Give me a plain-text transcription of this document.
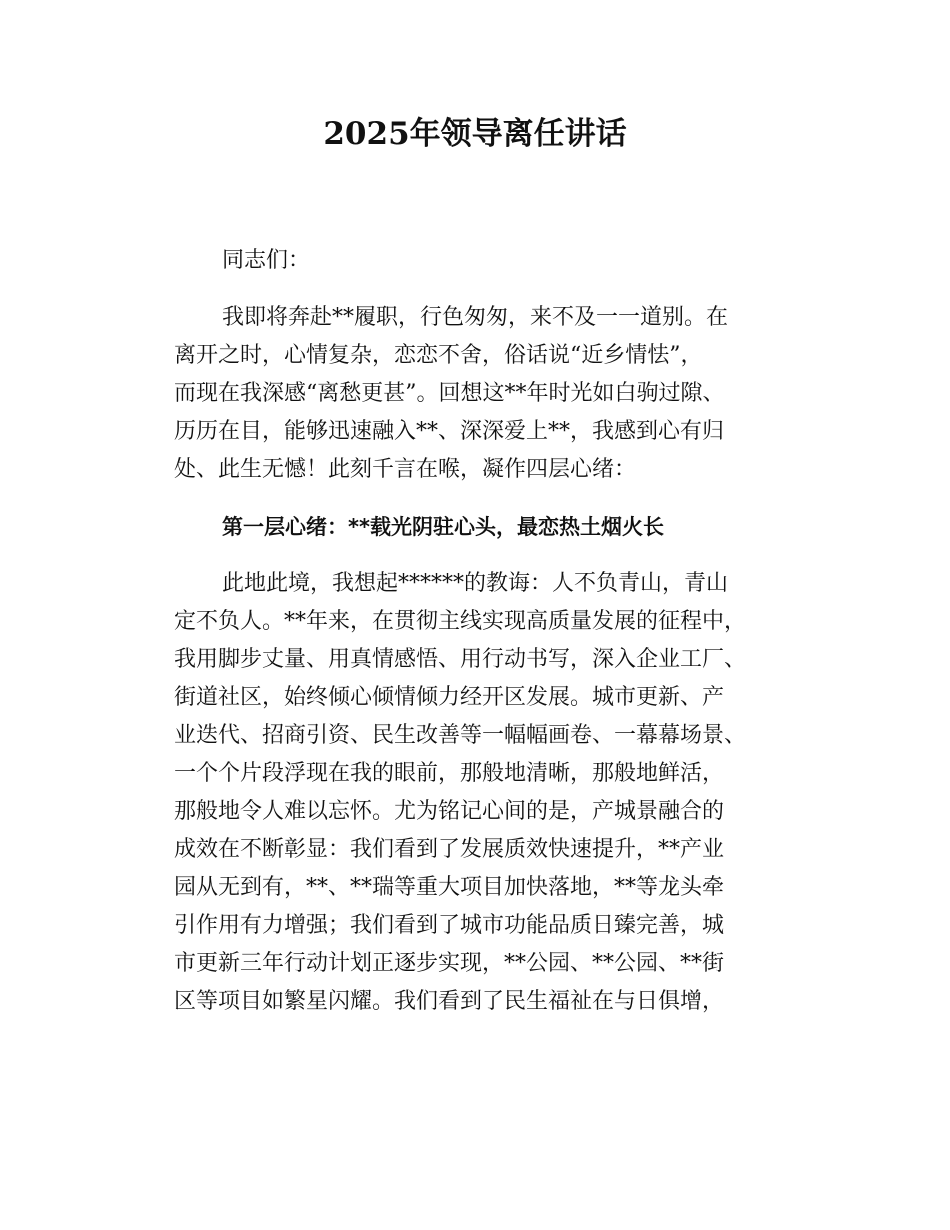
2025年领导离任讲话

同志们：

我即将奔赴**履职，行色匆匆，来不及一一道别。在

离开之时，心情复杂，恋恋不舍，俗话说“近乡情怯”，

而现在我深感“离愁更甚”。回想这**年时光如白驹过隙、

历历在目，能够迅速融入**、深深爱上**，我感到心有归

处、此生无憾！此刻千言在喉，凝作四层心绪：

第一层心绪：**载光阴驻心头，最恋热土烟火长

此地此境，我想起******的教诲：人不负青山，青山

定不负人。**年来，在贯彻主线实现高质量发展的征程中，

我用脚步丈量、用真情感悟、用行动书写，深入企业工厂、

街道社区，始终倾心倾情倾力经开区发展。城市更新、产

业迭代、招商引资、民生改善等一幅幅画卷、一幕幕场景、

一个个片段浮现在我的眼前，那般地清晰，那般地鲜活，

那般地令人难以忘怀。尤为铭记心间的是，产城景融合的

成效在不断彰显：我们看到了发展质效快速提升，**产业

园从无到有，**、**瑞等重大项目加快落地，**等龙头牵

引作用有力增强；我们看到了城市功能品质日臻完善，城

市更新三年行动计划正逐步实现，**公园、**公园、**街

区等项目如繁星闪耀。我们看到了民生福祉在与日俱增，
